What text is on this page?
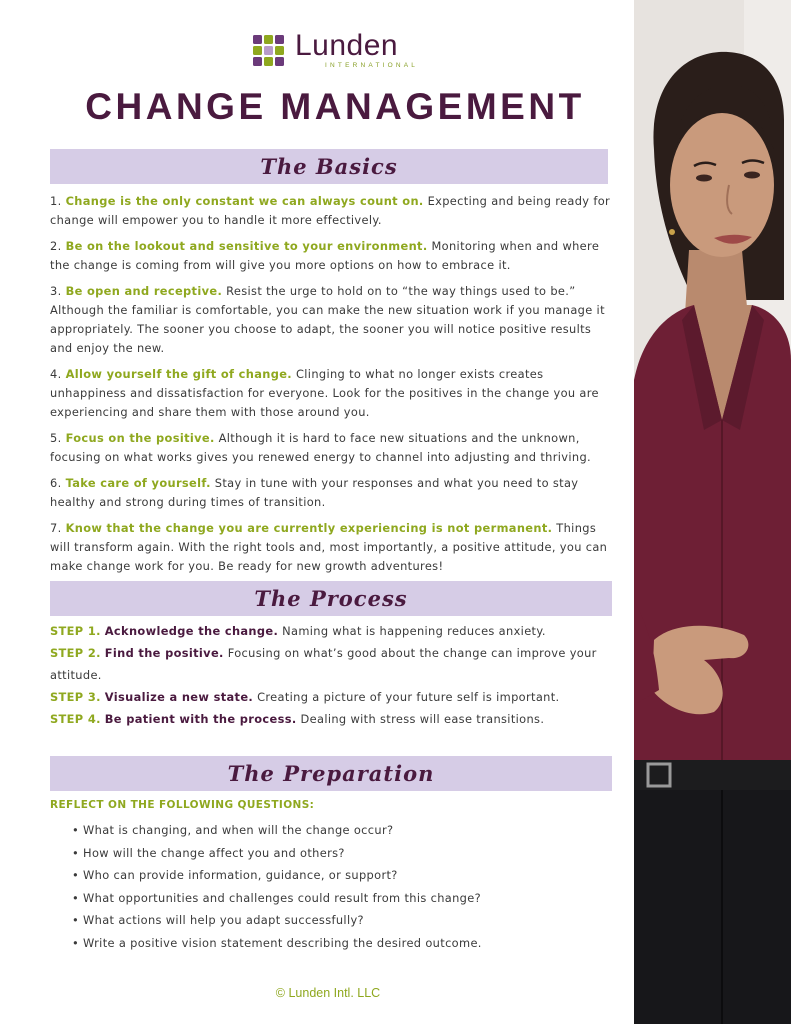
Lunden
INTERNATIONAL
CHANGE MANAGEMENT
The Basics

1. Change is the only constant we can always count on. Expecting and being ready for change will empower you to handle it more effectively.

2. Be on the lookout and sensitive to your environment. Monitoring when and where the change is coming from will give you more options on how to embrace it.

3. Be open and receptive. Resist the urge to hold on to “the way things used to be.” Although the familiar is comfortable, you can make the new situation work if you manage it appropriately. The sooner you choose to adapt, the sooner you will notice positive results and enjoy the new.

4. Allow yourself the gift of change. Clinging to what no longer exists creates unhappiness and dissatisfaction for everyone. Look for the positives in the change you are experiencing and share them with those around you.

5. Focus on the positive. Although it is hard to face new situations and the unknown, focusing on what works gives you renewed energy to channel into adjusting and thriving.

6. Take care of yourself. Stay in tune with your responses and what you need to stay healthy and strong during times of transition.

7. Know that the change you are currently experiencing is not permanent. Things will transform again. With the right tools and, most importantly, a positive attitude, you can make change work for you. Be ready for new growth adventures!

The Process

STEP 1. Acknowledge the change. Naming what is happening reduces anxiety.

STEP 2. Find the positive. Focusing on what’s good about the change can improve your attitude.

STEP 3. Visualize a new state. Creating a picture of your future self is important.

STEP 4. Be patient with the process. Dealing with stress will ease transitions.

The Preparation
REFLECT ON THE FOLLOWING QUESTIONS:
• What is changing, and when will the change occur?
• How will the change affect you and others?
• Who can provide information, guidance, or support?
• What opportunities and challenges could result from this change?
• What actions will help you adapt successfully?
• Write a positive vision statement describing the desired outcome.
© Lunden Intl. LLC
